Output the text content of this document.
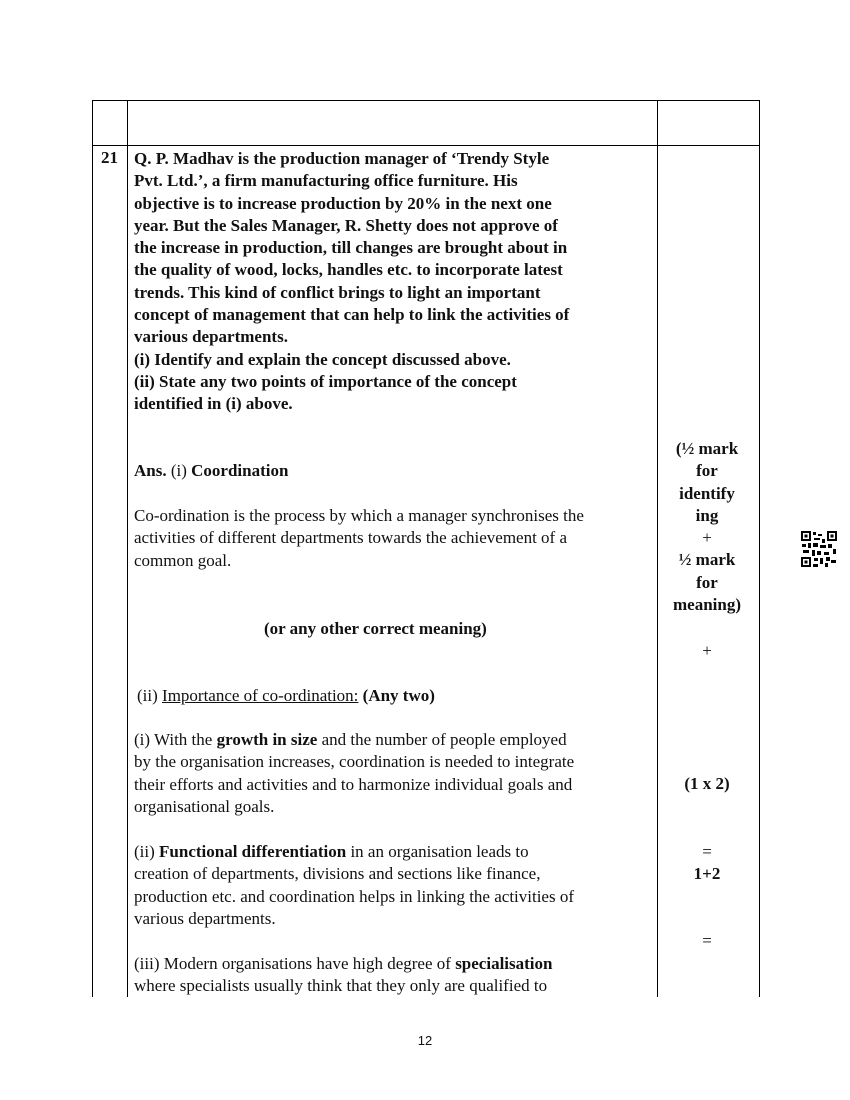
21 Q. P. Madhav is the production manager of ‘Trendy Style

Pvt. Ltd.’, a firm manufacturing office furniture. His

objective is to increase production by 20% in the next one

year. But the Sales Manager, R. Shetty does not approve of

the increase in production, till changes are brought about in

the quality of wood, locks, handles etc. to incorporate latest

trends. This kind of conflict brings to light an important

concept of management that can help to link the activities of

various departments.

(i) Identify and explain the concept discussed above.

(ii) State any two points of importance of the concept

identified in (i) above.

Ans. (i) Coordination

Co-ordination is the process by which a manager synchronises the

activities of different departments towards the achievement of a

common goal.

(or any other correct meaning)
(ii) Importance of co-ordination: (Any two)

(i) With the growth in size and the number of people employed

by the organisation increases, coordination is needed to integrate

their efforts and activities and to harmonize individual goals and

organisational goals.

(ii) Functional differentiation in an organisation leads to

creation of departments, divisions and sections like finance,

production etc. and coordination helps in linking the activities of

various departments.

(iii) Modern organisations have high degree of specialisation

where specialists usually think that they only are qualified to

(½ mark

for

identify

ing

+

½ mark

for

meaning)

+
(1 x 2)
=
1+2
=
12
